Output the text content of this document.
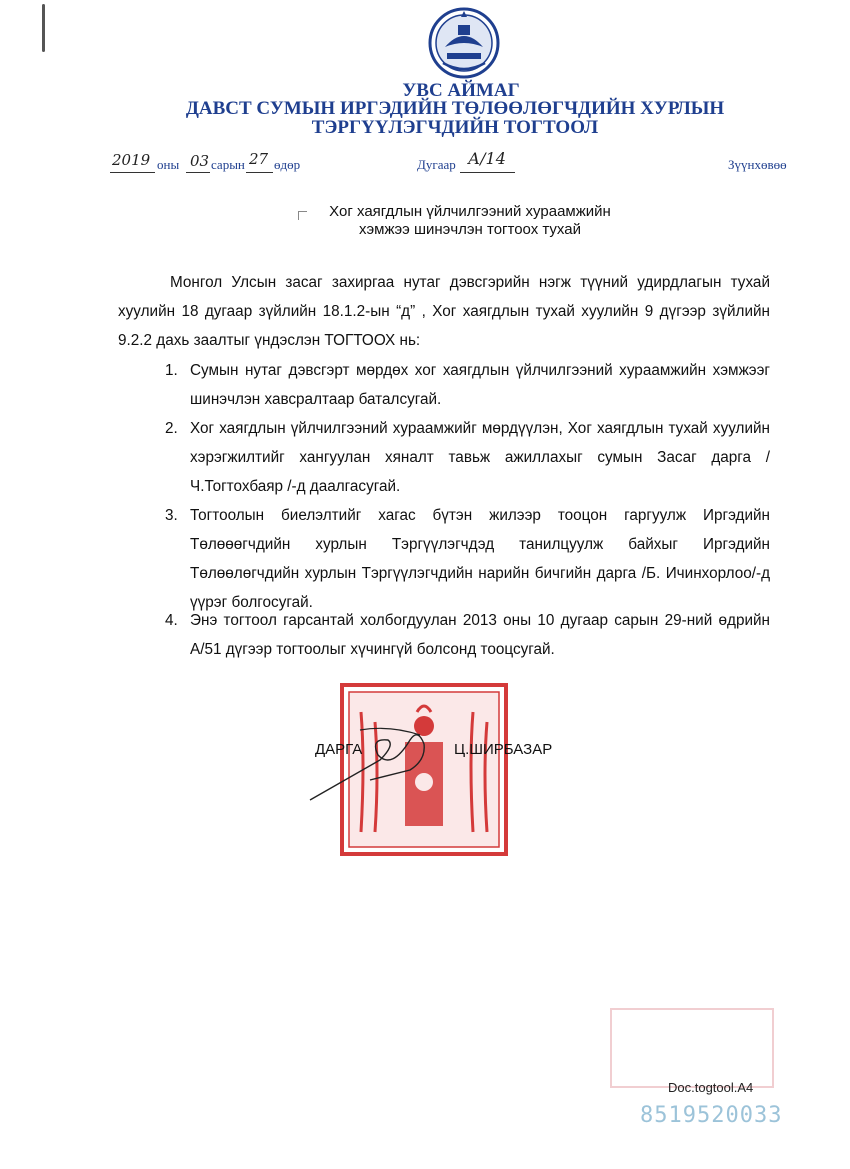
УВС АЙМАГ
ДАВСТ СУМЫН ИРГЭДИЙН ТӨЛӨӨЛӨГЧДИЙН ХУРЛЫН
ТЭРГҮҮЛЭГЧДИЙН ТОГТООЛ
2019 оны 03 сарын 27 өдөр	Дугаар А/14	Зүүнхөвөө
Хог хаягдлын үйлчилгээний хураамжийн
хэмжээ шинэчлэн тогтоох тухай
Монгол Улсын засаг захиргаа нутаг дэвсгэрийн нэгж түүний удирдлагын тухай хуулийн 18 дугаар зүйлийн 18.1.2-ын “д” , Хог хаягдлын тухай хуулийн 9 дүгээр зүйлийн 9.2.2 дахь заалтыг үндэслэн ТОГТООХ нь:
1. Сумын нутаг дэвсгэрт мөрдөх хог хаягдлын үйлчилгээний хураамжийн хэмжээг шинэчлэн хавсралтаар баталсугай.
2. Хог хаягдлын үйлчилгээний хураамжийг мөрдүүлэн, Хог хаягдлын тухай хуулийн хэрэгжилтийг хангуулан хяналт тавьж ажиллахыг сумын Засаг дарга /Ч.Тогтохбаяр /-д даалгасугай.
3. Тогтоолын биелэлтийг хагас бүтэн жилээр тооцон гаргуулж Иргэдийн Төлөөөгчдийн хурлын Тэргүүлэгчдэд танилцуулж байхыг Иргэдийн Төлөөлөгчдийн хурлын Тэргүүлэгчдийн нарийн бичгийн дарга /Б. Ичинхорлоо/-д үүрэг болгосугай.
4. Энэ тогтоол гарсантай холбогдуулан 2013 оны 10 дугаар сарын 29-ний өдрийн А/51 дүгээр тогтоолыг хүчингүй болсонд тооцсугай.
ДАРГА	Ц.ШИРБАЗАР
Doc.togtool.A4
8519520033
